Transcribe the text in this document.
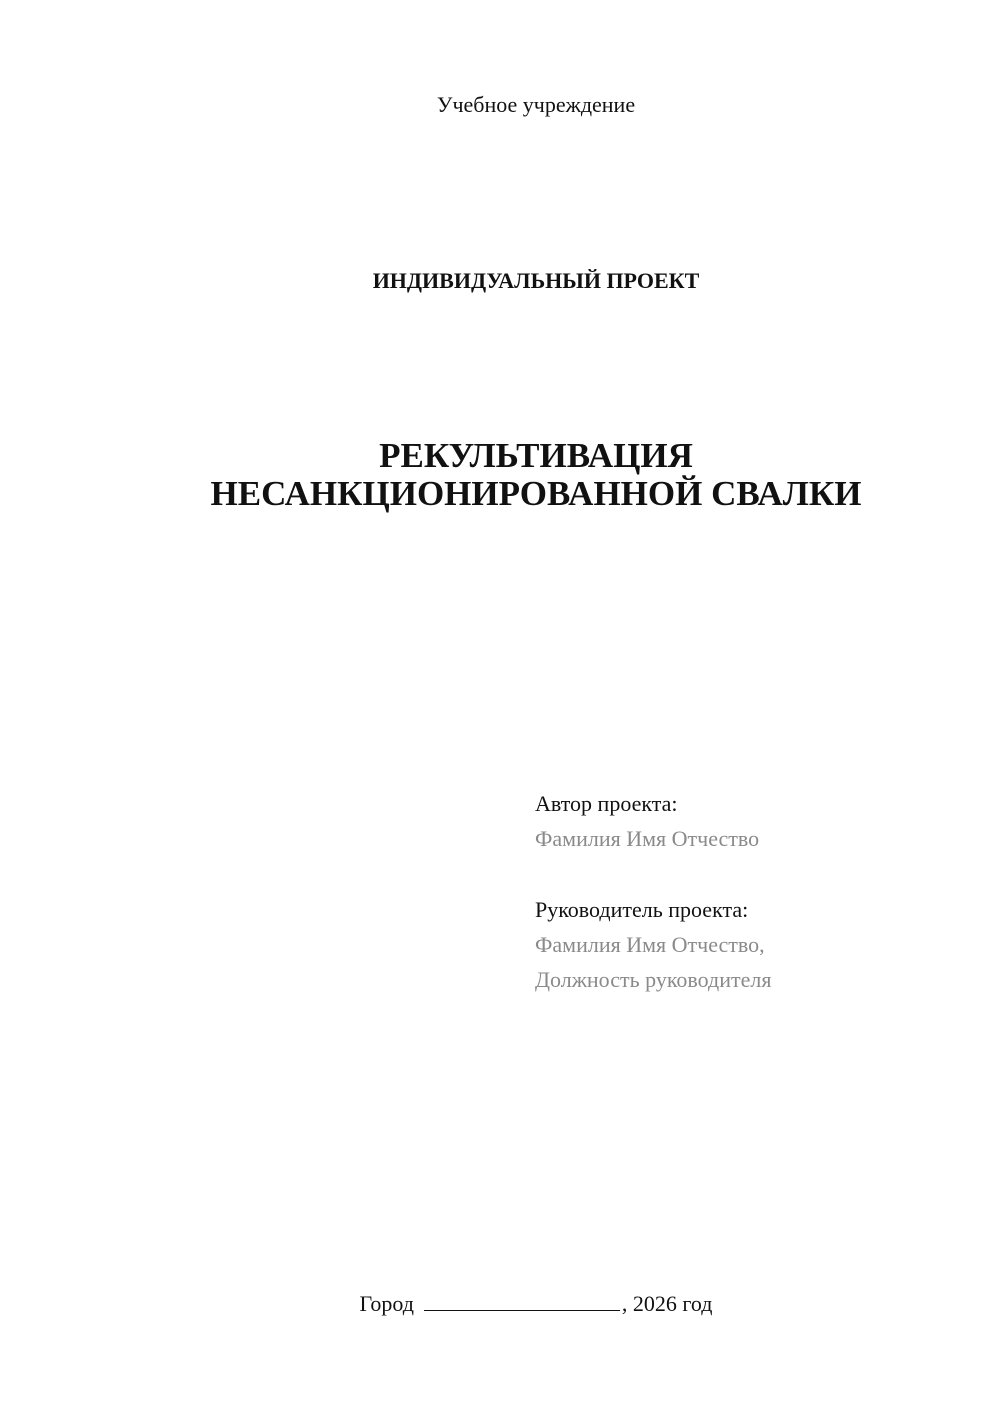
Учебное учреждение
ИНДИВИДУАЛЬНЫЙ ПРОЕКТ
РЕКУЛЬТИВАЦИЯ
НЕСАНКЦИОНИРОВАННОЙ СВАЛКИ
Автор проекта:
Фамилия Имя Отчество
Руководитель проекта:
Фамилия Имя Отчество,
Должность руководителя
Город	, 2026 год
